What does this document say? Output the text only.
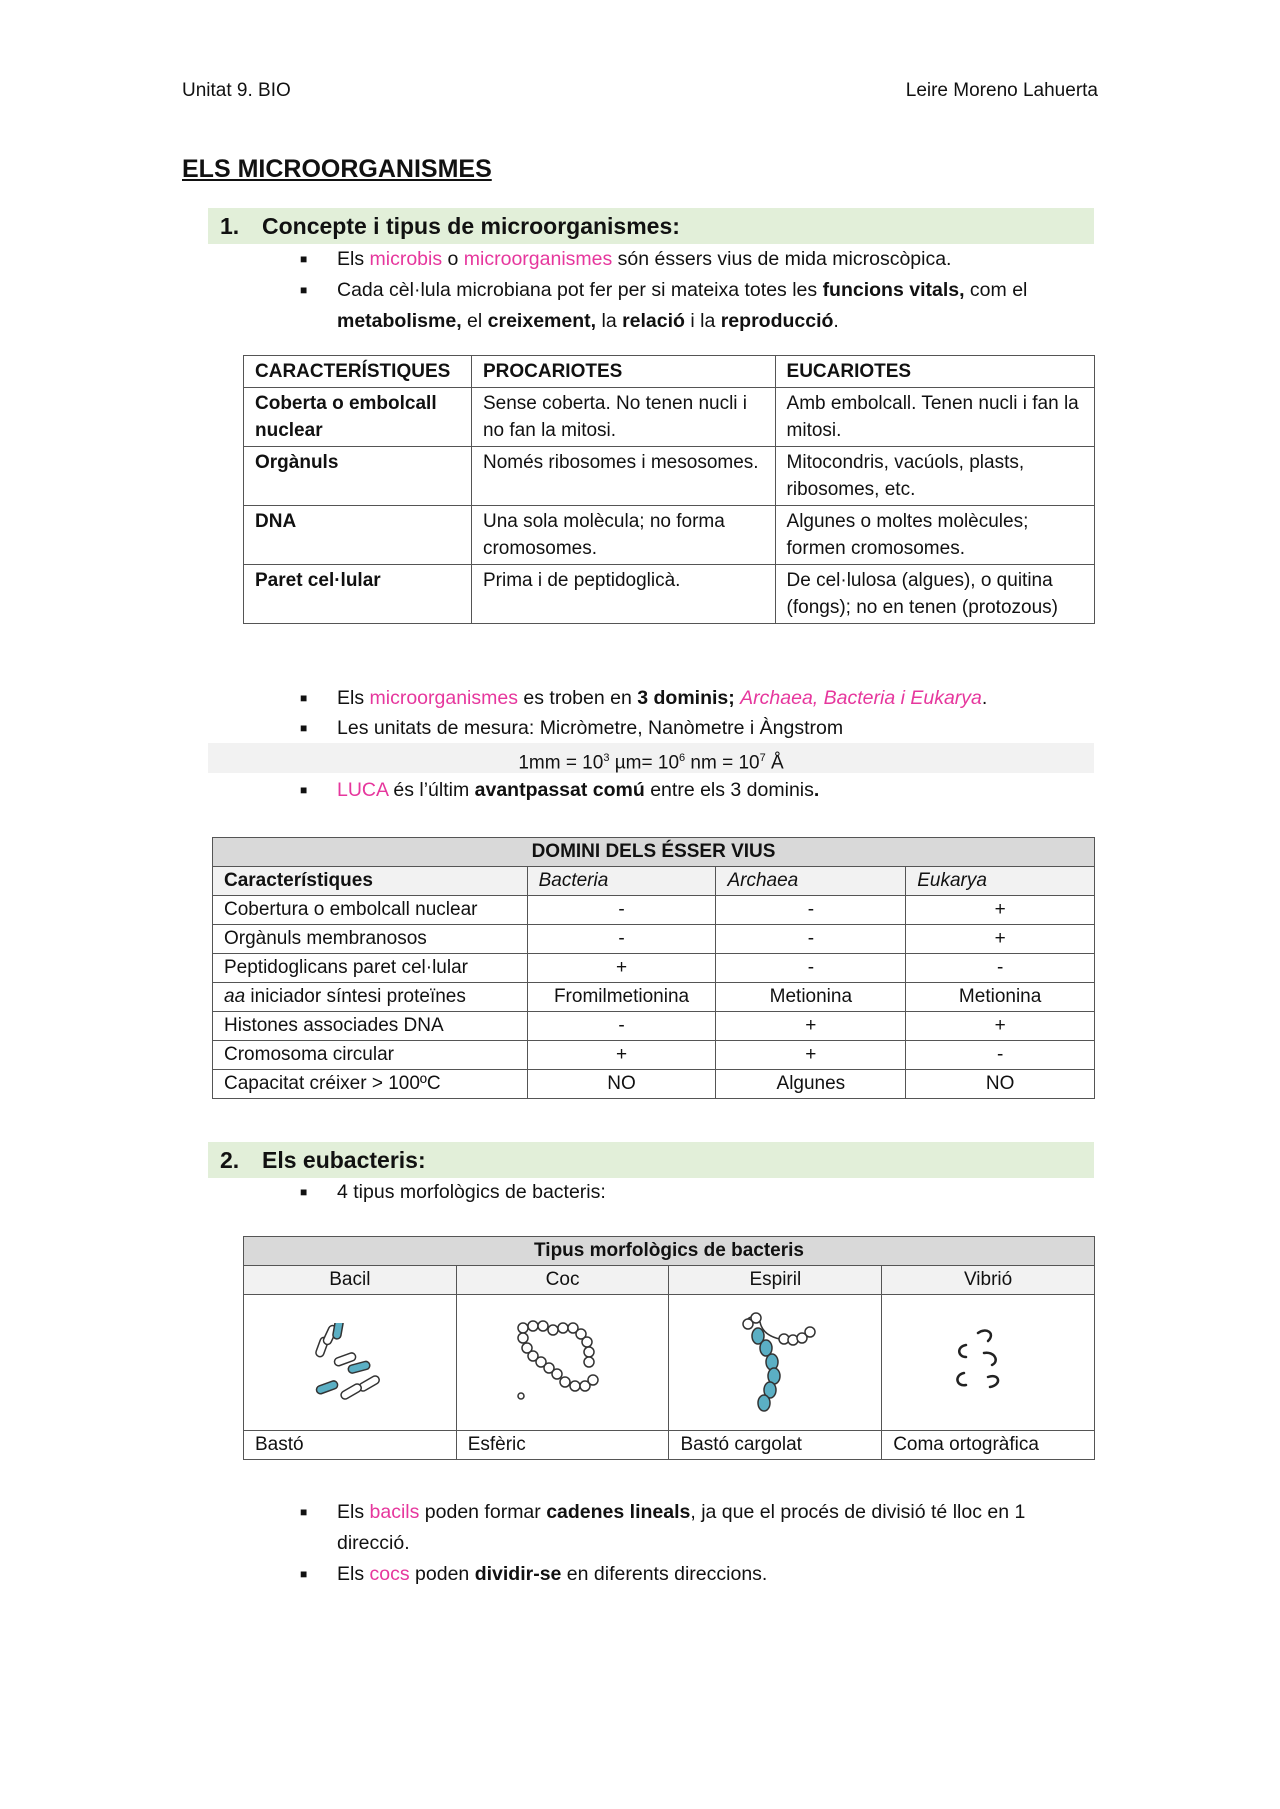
Unitat 9. BIO	Leire Moreno Lahuerta
ELS MICROORGANISMES
1. Concepte i tipus de microorganismes:
■ Els microbis o microorganismes són éssers vius de mida microscòpica.
■ Cada cèl·lula microbiana pot fer per si mateixa totes les funcions vitals, com el metabolisme, el creixement, la relació i la reproducció.
CARACTERÍSTIQUES	PROCARIOTES	EUCARIOTES
Coberta o embolcall nuclear	Sense coberta. No tenen nucli i no fan la mitosi.	Amb embolcall. Tenen nucli i fan la mitosi.
Orgànuls	Només ribosomes i mesosomes.	Mitocondris, vacúols, plasts, ribosomes, etc.
DNA	Una sola molècula; no forma cromosomes.	Algunes o moltes molècules; formen cromosomes.
Paret cel·lular	Prima i de peptidoglicà.	De cel·lulosa (algues), o quitina (fongs); no en tenen (protozous)
■ Els microorganismes es troben en 3 dominis; Archaea, Bacteria i Eukarya.
■ Les unitats de mesura: Micròmetre, Nanòmetre i Àngstrom
$1mm = 10^3$ $\mu m= 10^6$ nm = $10^7$ Å
■ LUCA és l’últim avantpassat comú entre els 3 dominis.
DOMINI DELS ÉSSER VIUS			
Característiques	Bacteria	Archaea	Eukarya
Cobertura o embolcall nuclear	-	-	+
Orgànuls membranosos	-	-	+
Peptidoglicans paret cel·lular	+	-	-
aa iniciador síntesi proteïnes	Fromilmetionina	Metionina	Metionina
Histones associades DNA	-	+	+
Cromosoma circular	+	+	-
Capacitat créixer > 100ºC	NO	Algunes	NO
2. Els eubacteris:
■ 4 tipus morfològics de bacteris:
Tipus morfològics de bacteris			
Bacil	Coc	Espiril	Vibrió

Bastó	Esfèric	Bastó cargolat	Coma ortogràfica
■ Els bacils poden formar cadenes lineals, ja que el procés de divisió té lloc en 1 direcció.
■ Els cocs poden dividir-se en diferents direccions.
